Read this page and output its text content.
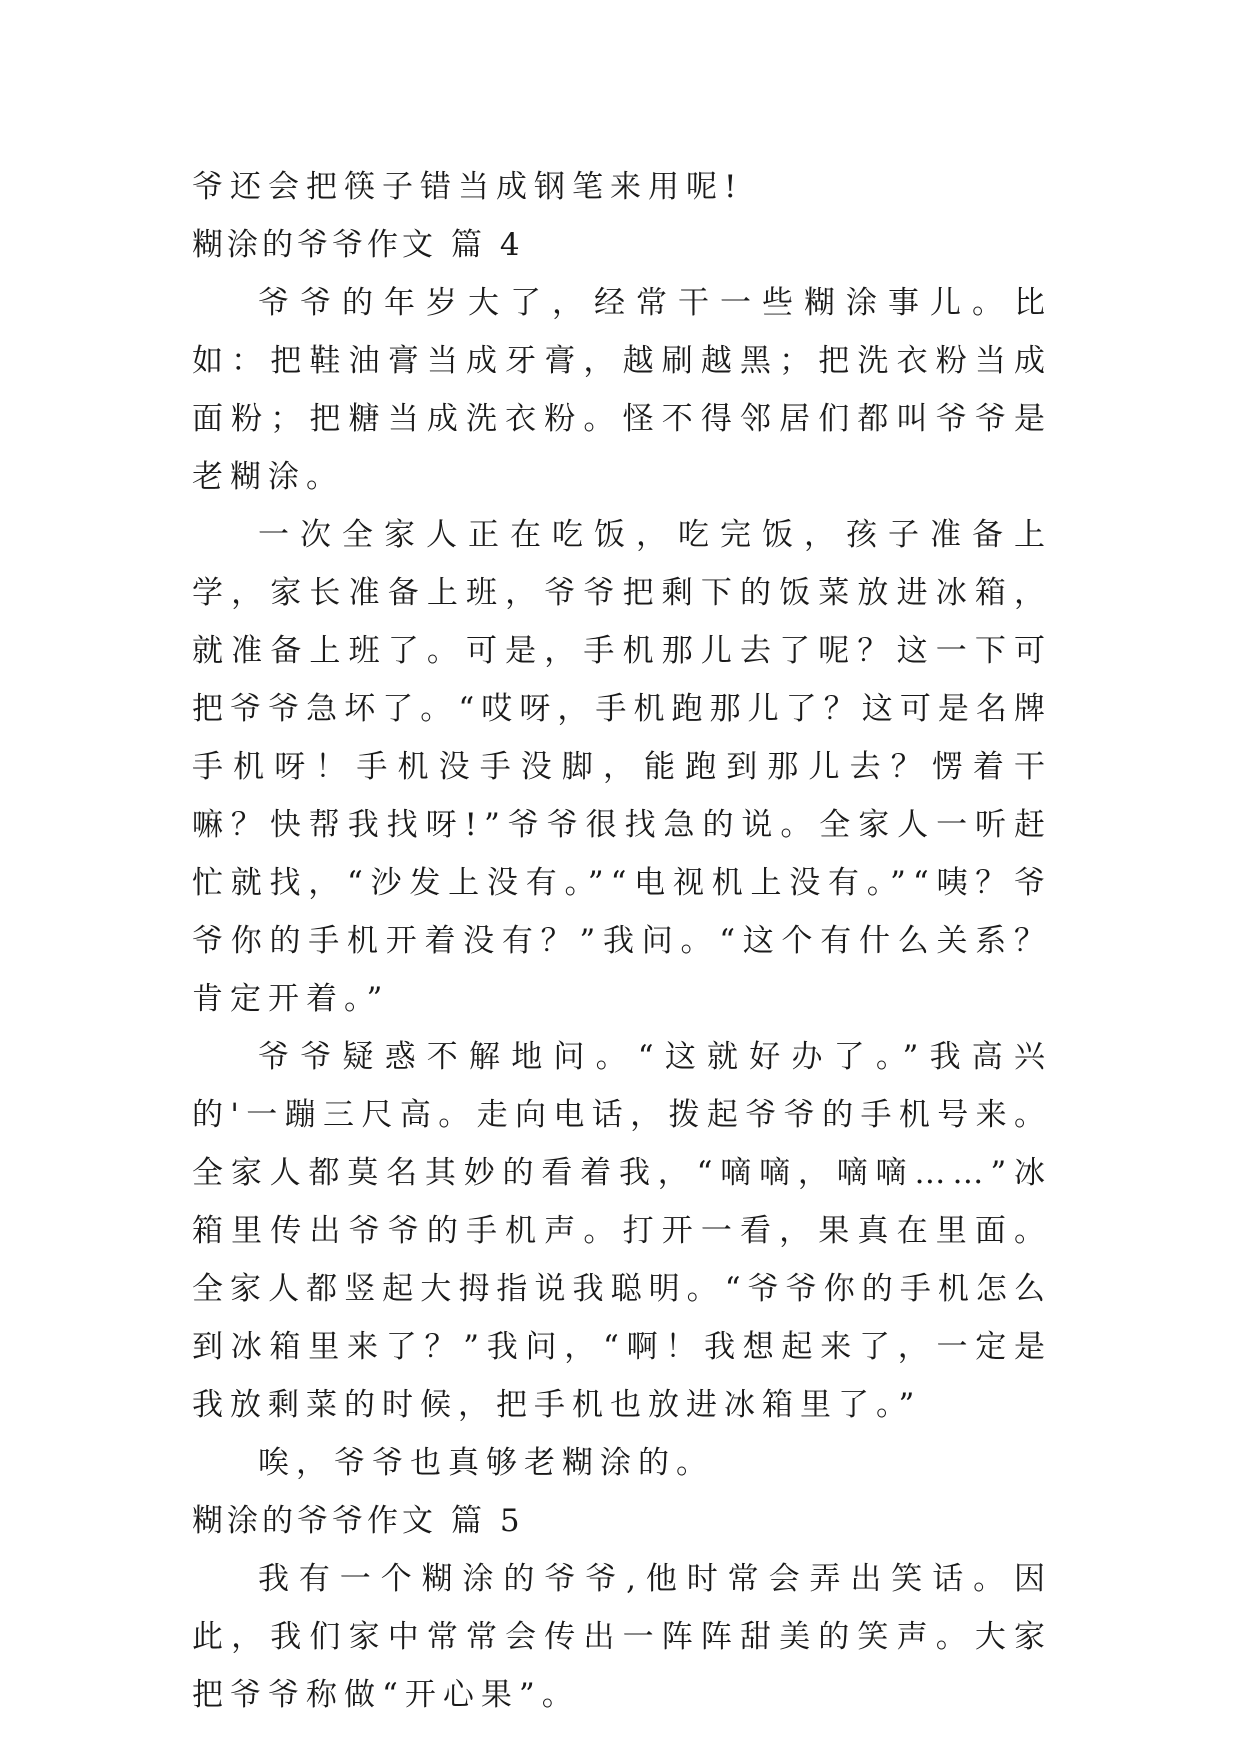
爷还会把筷子错当成钢笔来用呢!

糊涂的爷爷作文 篇 4

爷爷的年岁大了，经常干一些糊涂事儿。比如：把鞋油膏当成牙膏，越刷越黑；把洗衣粉当成面粉；把糖当成洗衣粉。怪不得邻居们都叫爷爷是老糊涂。

一次全家人正在吃饭，吃完饭，孩子准备上学，家长准备上班，爷爷把剩下的饭菜放进冰箱，就准备上班了。可是，手机那儿去了呢？这一下可把爷爷急坏了。“哎呀，手机跑那儿了？这可是名牌手机呀！手机没手没脚，能跑到那儿去？愣着干嘛？快帮我找呀!”爷爷很找急的说。全家人一听赶忙就找，“沙发上没有。”“电视机上没有。”“咦？爷爷你的手机开着没有？”我问。“这个有什么关系？肯定开着。”

爷爷疑惑不解地问。“这就好办了。”我高兴的'一蹦三尺高。走向电话，拨起爷爷的手机号来。全家人都莫名其妙的看着我，“嘀嘀，嘀嘀……”冰箱里传出爷爷的手机声。打开一看，果真在里面。全家人都竖起大拇指说我聪明。“爷爷你的手机怎么到冰箱里来了？”我问，“啊！我想起来了，一定是我放剩菜的时候，把手机也放进冰箱里了。”

唉，爷爷也真够老糊涂的。

糊涂的爷爷作文 篇 5

我有一个糊涂的爷爷,他时常会弄出笑话。因此，我们家中常常会传出一阵阵甜美的笑声。大家把爷爷称做“开心果”。
